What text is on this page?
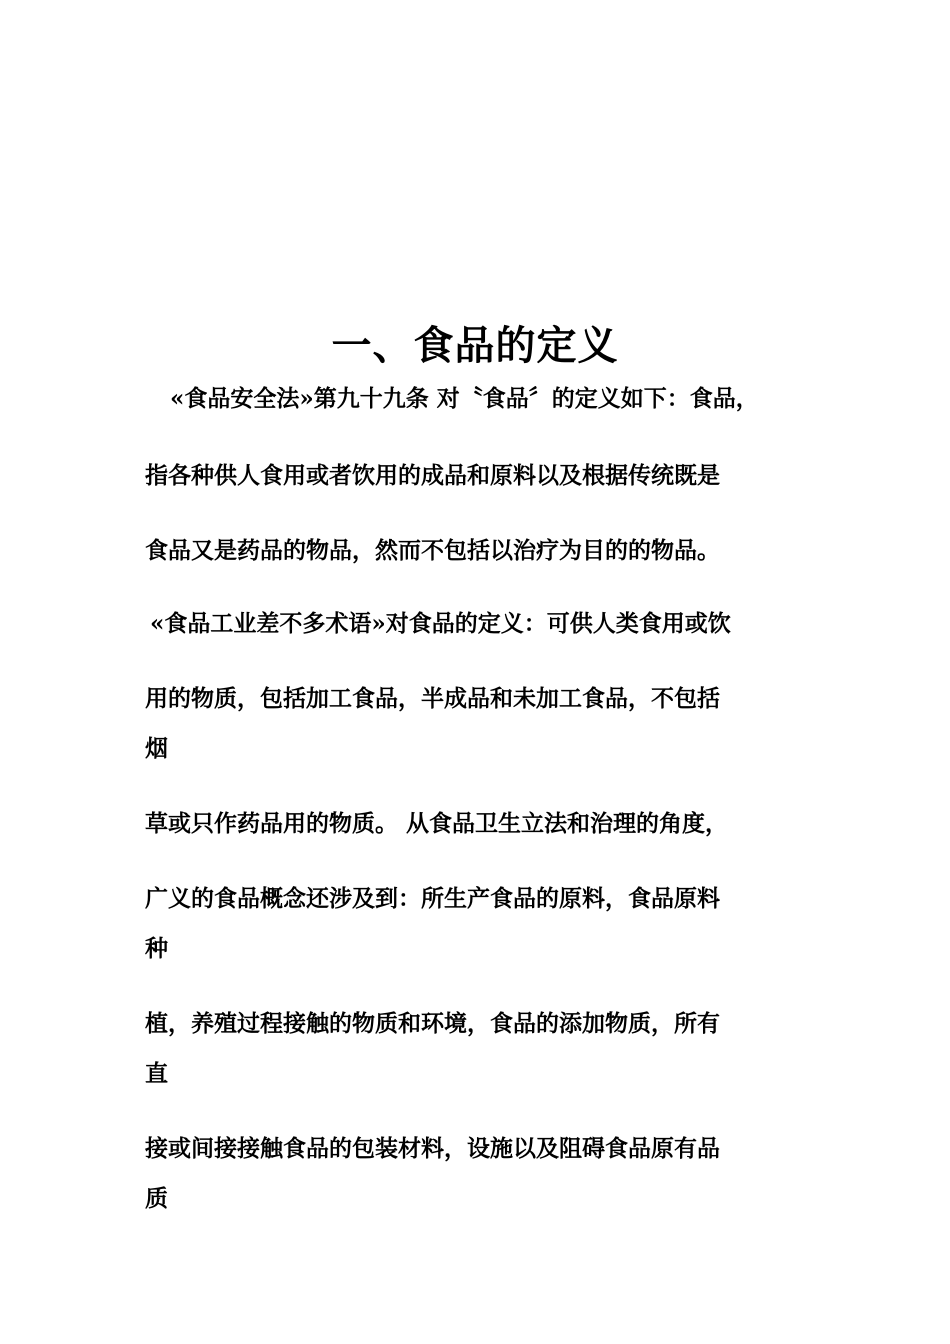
一、食品的定义
«食品安全法»第九十九条 对〝食品〞的定义如下：食品，
指各种供人食用或者饮用的成品和原料以及根据传统既是
食品又是药品的物品，然而不包括以治疗为目的的物品。
«食品工业差不多术语»对食品的定义：可供人类食用或饮
用的物质，包括加工食品，半成品和未加工食品，不包括
烟
草或只作药品用的物质。 从食品卫生立法和治理的角度，
广义的食品概念还涉及到：所生产食品的原料，食品原料
种
植，养殖过程接触的物质和环境，食品的添加物质，所有
直
接或间接接触食品的包装材料，设施以及阻碍食品原有品
质
